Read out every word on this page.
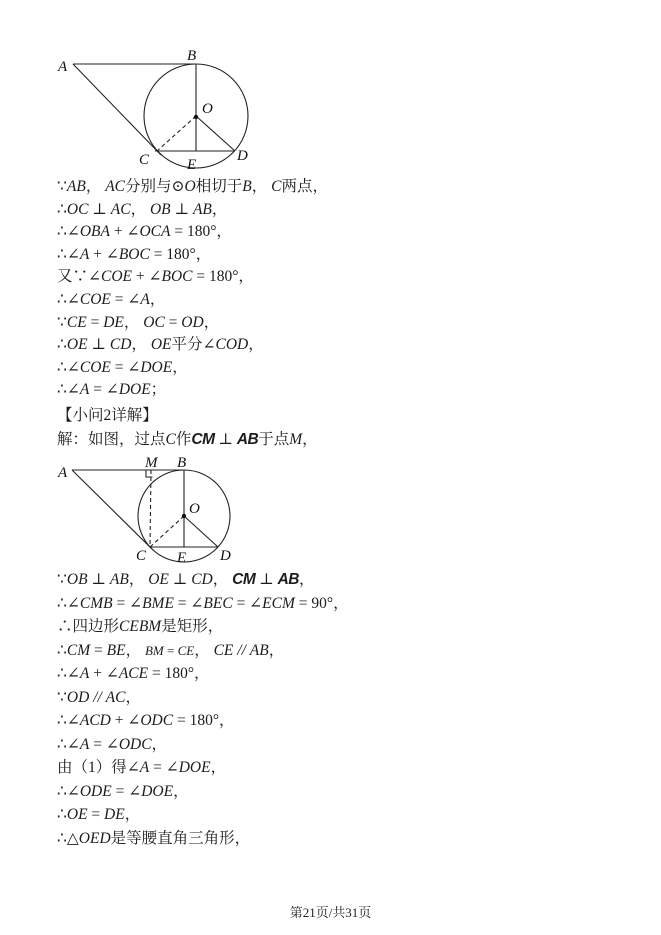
A
B
O
C	E
D
∵AB， AC分别与⊙O相切于B， C两点，
∴OC ⊥ AC， OB ⊥ AB，
∴∠OBA + ∠OCA = 180°，
∴∠A + ∠BOC = 180°，
又∵∠COE + ∠BOC = 180°，
∴∠COE = ∠A，
∵CE = DE， OC = OD，
∴OE ⊥ CD， OE平分∠COD，
∴∠COE = ∠DOE，
∴∠A = ∠DOE；
【小问2详解】
解：如图，过点C作CM ⊥ AB于点M，
A
M B
O
C E D
∵OB ⊥ AB， OE ⊥ CD， CM ⊥ AB，
∴∠CMB = ∠BME = ∠BEC = ∠ECM = 90°，
∴四边形CEBM是矩形，
∴CM = BE， BM = CE， CE // AB，
∴∠A + ∠ACE = 180°，
∵OD // AC，
∴∠ACD + ∠ODC = 180°，
∴∠A = ∠ODC，
由（1）得∠A = ∠DOE，
∴∠ODE = ∠DOE，
∴OE = DE，
∴△OED是等腰直角三角形，
第21页/共31页
